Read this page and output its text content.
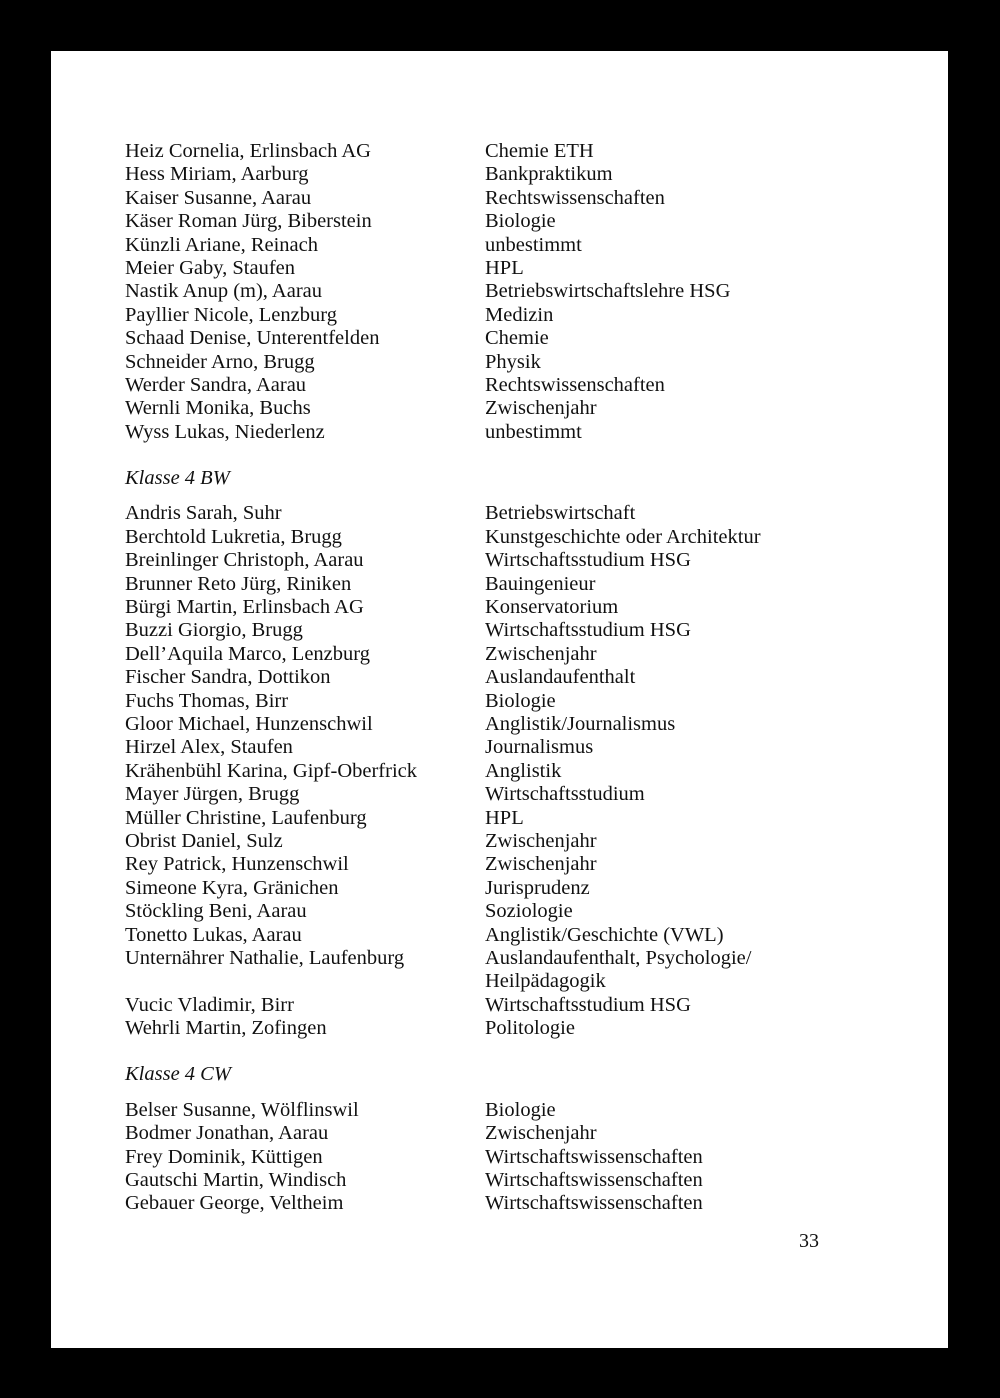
Heiz Cornelia, Erlinsbach AG	Chemie ETH
Hess Miriam, Aarburg	Bankpraktikum
Kaiser Susanne, Aarau	Rechtswissenschaften
Käser Roman Jürg, Biberstein	Biologie
Künzli Ariane, Reinach	unbestimmt
Meier Gaby, Staufen	HPL
Nastik Anup (m), Aarau	Betriebswirtschaftslehre HSG
Payllier Nicole, Lenzburg	Medizin
Schaad Denise, Unterentfelden	Chemie
Schneider Arno, Brugg	Physik
Werder Sandra, Aarau	Rechtswissenschaften
Wernli Monika, Buchs	Zwischenjahr
Wyss Lukas, Niederlenz	unbestimmt
Klasse 4 BW
Andris Sarah, Suhr	Betriebswirtschaft
Berchtold Lukretia, Brugg	Kunstgeschichte oder Architektur
Breinlinger Christoph, Aarau	Wirtschaftsstudium HSG
Brunner Reto Jürg, Riniken	Bauingenieur
Bürgi Martin, Erlinsbach AG	Konservatorium
Buzzi Giorgio, Brugg	Wirtschaftsstudium HSG
Dell’Aquila Marco, Lenzburg	Zwischenjahr
Fischer Sandra, Dottikon	Auslandaufenthalt
Fuchs Thomas, Birr	Biologie
Gloor Michael, Hunzenschwil	Anglistik/Journalismus
Hirzel Alex, Staufen	Journalismus
Krähenbühl Karina, Gipf-Oberfrick	Anglistik
Mayer Jürgen, Brugg	Wirtschaftsstudium
Müller Christine, Laufenburg	HPL
Obrist Daniel, Sulz	Zwischenjahr
Rey Patrick, Hunzenschwil	Zwischenjahr
Simeone Kyra, Gränichen	Jurisprudenz
Stöckling Beni, Aarau	Soziologie
Tonetto Lukas, Aarau	Anglistik/Geschichte (VWL)
Unternährer Nathalie, Laufenburg	Auslandaufenthalt, Psychologie/
Heilpädagogik
Vucic Vladimir, Birr	Wirtschaftsstudium HSG
Wehrli Martin, Zofingen	Politologie
Klasse 4 CW
Belser Susanne, Wölflinswil	Biologie
Bodmer Jonathan, Aarau	Zwischenjahr
Frey Dominik, Küttigen	Wirtschaftswissenschaften
Gautschi Martin, Windisch	Wirtschaftswissenschaften
Gebauer George, Veltheim	Wirtschaftswissenschaften
33
